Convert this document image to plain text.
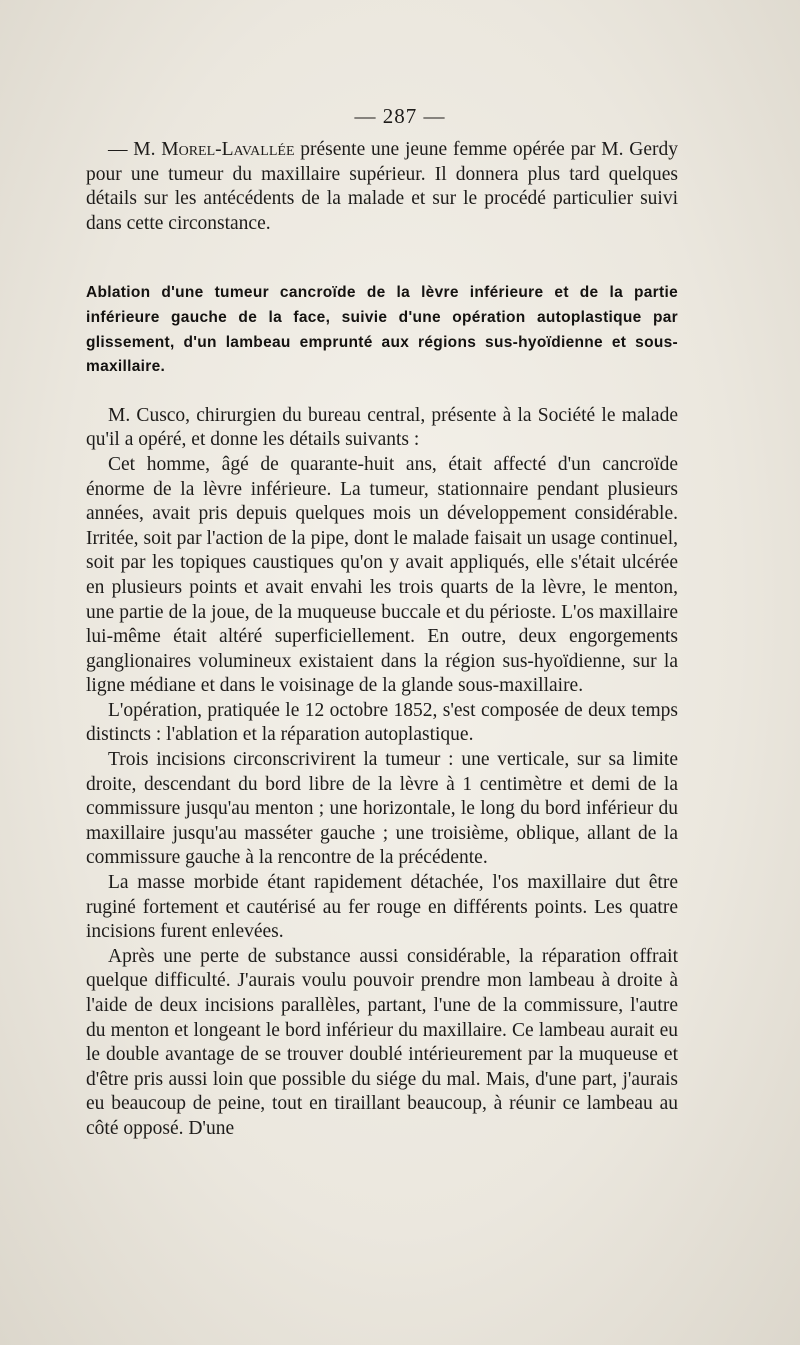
— 287 —

— M. Morel-Lavallée présente une jeune femme opérée par M. Gerdy pour une tumeur du maxillaire supérieur. Il donnera plus tard quelques détails sur les antécédents de la malade et sur le procédé particulier suivi dans cette circonstance.

Ablation d'une tumeur cancroïde de la lèvre inférieure et de la partie inférieure gauche de la face, suivie d'une opération autoplastique par glissement, d'un lambeau emprunté aux régions sus-hyoïdienne et sous-maxillaire.

M. Cusco, chirurgien du bureau central, présente à la Société le malade qu'il a opéré, et donne les détails suivants :

Cet homme, âgé de quarante-huit ans, était affecté d'un cancroïde énorme de la lèvre inférieure. La tumeur, stationnaire pendant plusieurs années, avait pris depuis quelques mois un développement considérable. Irritée, soit par l'action de la pipe, dont le malade faisait un usage continuel, soit par les topiques caustiques qu'on y avait appliqués, elle s'était ulcérée en plusieurs points et avait envahi les trois quarts de la lèvre, le menton, une partie de la joue, de la muqueuse buccale et du périoste. L'os maxillaire lui-même était altéré superficiellement. En outre, deux engorgements ganglionaires volumineux existaient dans la région sus-hyoïdienne, sur la ligne médiane et dans le voisinage de la glande sous-maxillaire.

L'opération, pratiquée le 12 octobre 1852, s'est composée de deux temps distincts : l'ablation et la réparation autoplastique.

Trois incisions circonscrivirent la tumeur : une verticale, sur sa limite droite, descendant du bord libre de la lèvre à 1 centimètre et demi de la commissure jusqu'au menton ; une horizontale, le long du bord inférieur du maxillaire jusqu'au masséter gauche ; une troisième, oblique, allant de la commissure gauche à la rencontre de la précédente.

La masse morbide étant rapidement détachée, l'os maxillaire dut être ruginé fortement et cautérisé au fer rouge en différents points. Les quatre incisions furent enlevées.

Après une perte de substance aussi considérable, la réparation offrait quelque difficulté. J'aurais voulu pouvoir prendre mon lambeau à droite à l'aide de deux incisions parallèles, partant, l'une de la commissure, l'autre du menton et longeant le bord inférieur du maxillaire. Ce lambeau aurait eu le double avantage de se trouver doublé intérieurement par la muqueuse et d'être pris aussi loin que possible du siége du mal. Mais, d'une part, j'aurais eu beaucoup de peine, tout en tiraillant beaucoup, à réunir ce lambeau au côté opposé. D'une
